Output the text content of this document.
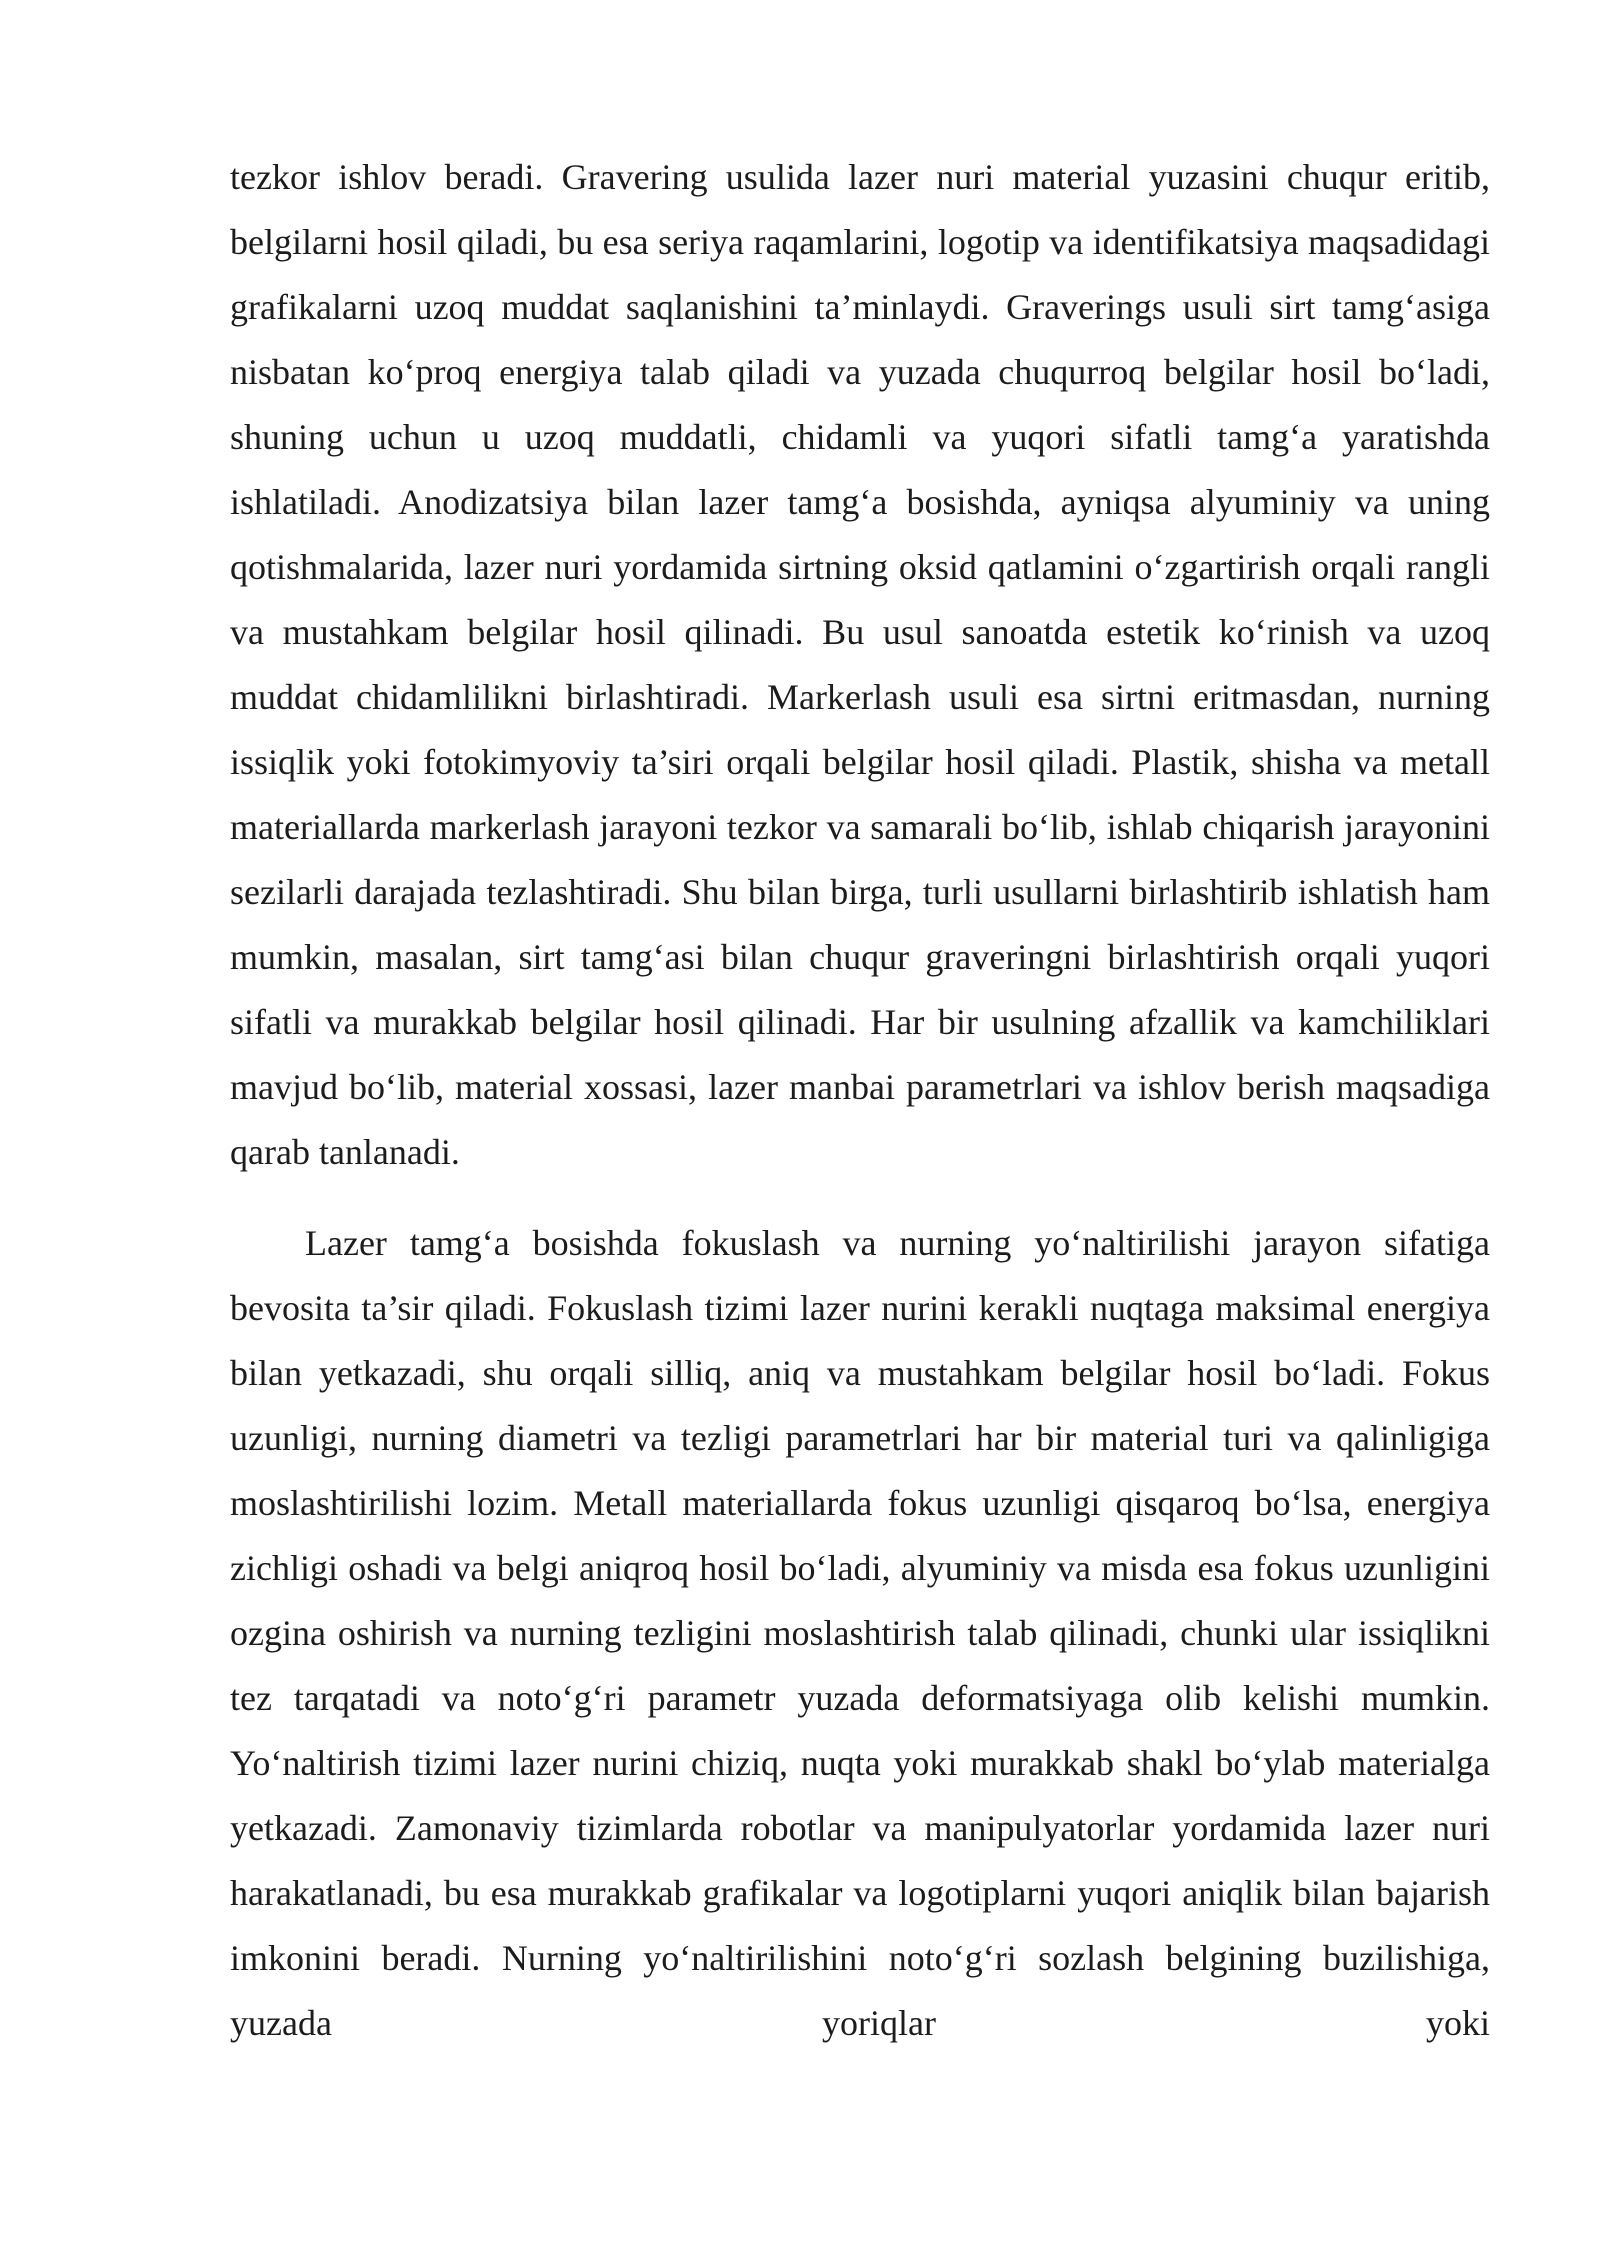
tezkor ishlov beradi. Gravering usulida lazer nuri material yuzasini chuqur eritib, belgilarni hosil qiladi, bu esa seriya raqamlarini, logotip va identifikatsiya maqsadidagi grafikalarni uzoq muddat saqlanishini ta’minlaydi. Graverings usuli sirt tamg‘asiga nisbatan ko‘proq energiya talab qiladi va yuzada chuqurroq belgilar hosil bo‘ladi, shuning uchun u uzoq muddatli, chidamli va yuqori sifatli tamg‘a yaratishda ishlatiladi. Anodizatsiya bilan lazer tamg‘a bosishda, ayniqsa alyuminiy va uning qotishmalarida, lazer nuri yordamida sirtning oksid qatlamini o‘zgartirish orqali rangli va mustahkam belgilar hosil qilinadi. Bu usul sanoatda estetik ko‘rinish va uzoq muddat chidamlilikni birlashtiradi. Markerlash usuli esa sirtni eritmasdan, nurning issiqlik yoki fotokimyoviy ta’siri orqali belgilar hosil qiladi. Plastik, shisha va metall materiallarda markerlash jarayoni tezkor va samarali bo‘lib, ishlab chiqarish jarayonini sezilarli darajada tezlashtiradi. Shu bilan birga, turli usullarni birlashtirib ishlatish ham mumkin, masalan, sirt tamg‘asi bilan chuqur graveringni birlashtirish orqali yuqori sifatli va murakkab belgilar hosil qilinadi. Har bir usulning afzallik va kamchiliklari mavjud bo‘lib, material xossasi, lazer manbai parametrlari va ishlov berish maqsadiga qarab tanlanadi.

Lazer tamg‘a bosishda fokuslash va nurning yo‘naltirilishi jarayon sifatiga bevosita ta’sir qiladi. Fokuslash tizimi lazer nurini kerakli nuqtaga maksimal energiya bilan yetkazadi, shu orqali silliq, aniq va mustahkam belgilar hosil bo‘ladi. Fokus uzunligi, nurning diametri va tezligi parametrlari har bir material turi va qalinligiga moslashtirilishi lozim. Metall materiallarda fokus uzunligi qisqaroq bo‘lsa, energiya zichligi oshadi va belgi aniqroq hosil bo‘ladi, alyuminiy va misda esa fokus uzunligini ozgina oshirish va nurning tezligini moslashtirish talab qilinadi, chunki ular issiqlikni tez tarqatadi va noto‘g‘ri parametr yuzada deformatsiyaga olib kelishi mumkin. Yo‘naltirish tizimi lazer nurini chiziq, nuqta yoki murakkab shakl bo‘ylab materialga yetkazadi. Zamonaviy tizimlarda robotlar va manipulyatorlar yordamida lazer nuri harakatlanadi, bu esa murakkab grafikalar va logotiplarni yuqori aniqlik bilan bajarish imkonini beradi. Nurning yo‘naltirilishini noto‘g‘ri sozlash belgining buzilishiga, yuzada yoriqlar yoki
